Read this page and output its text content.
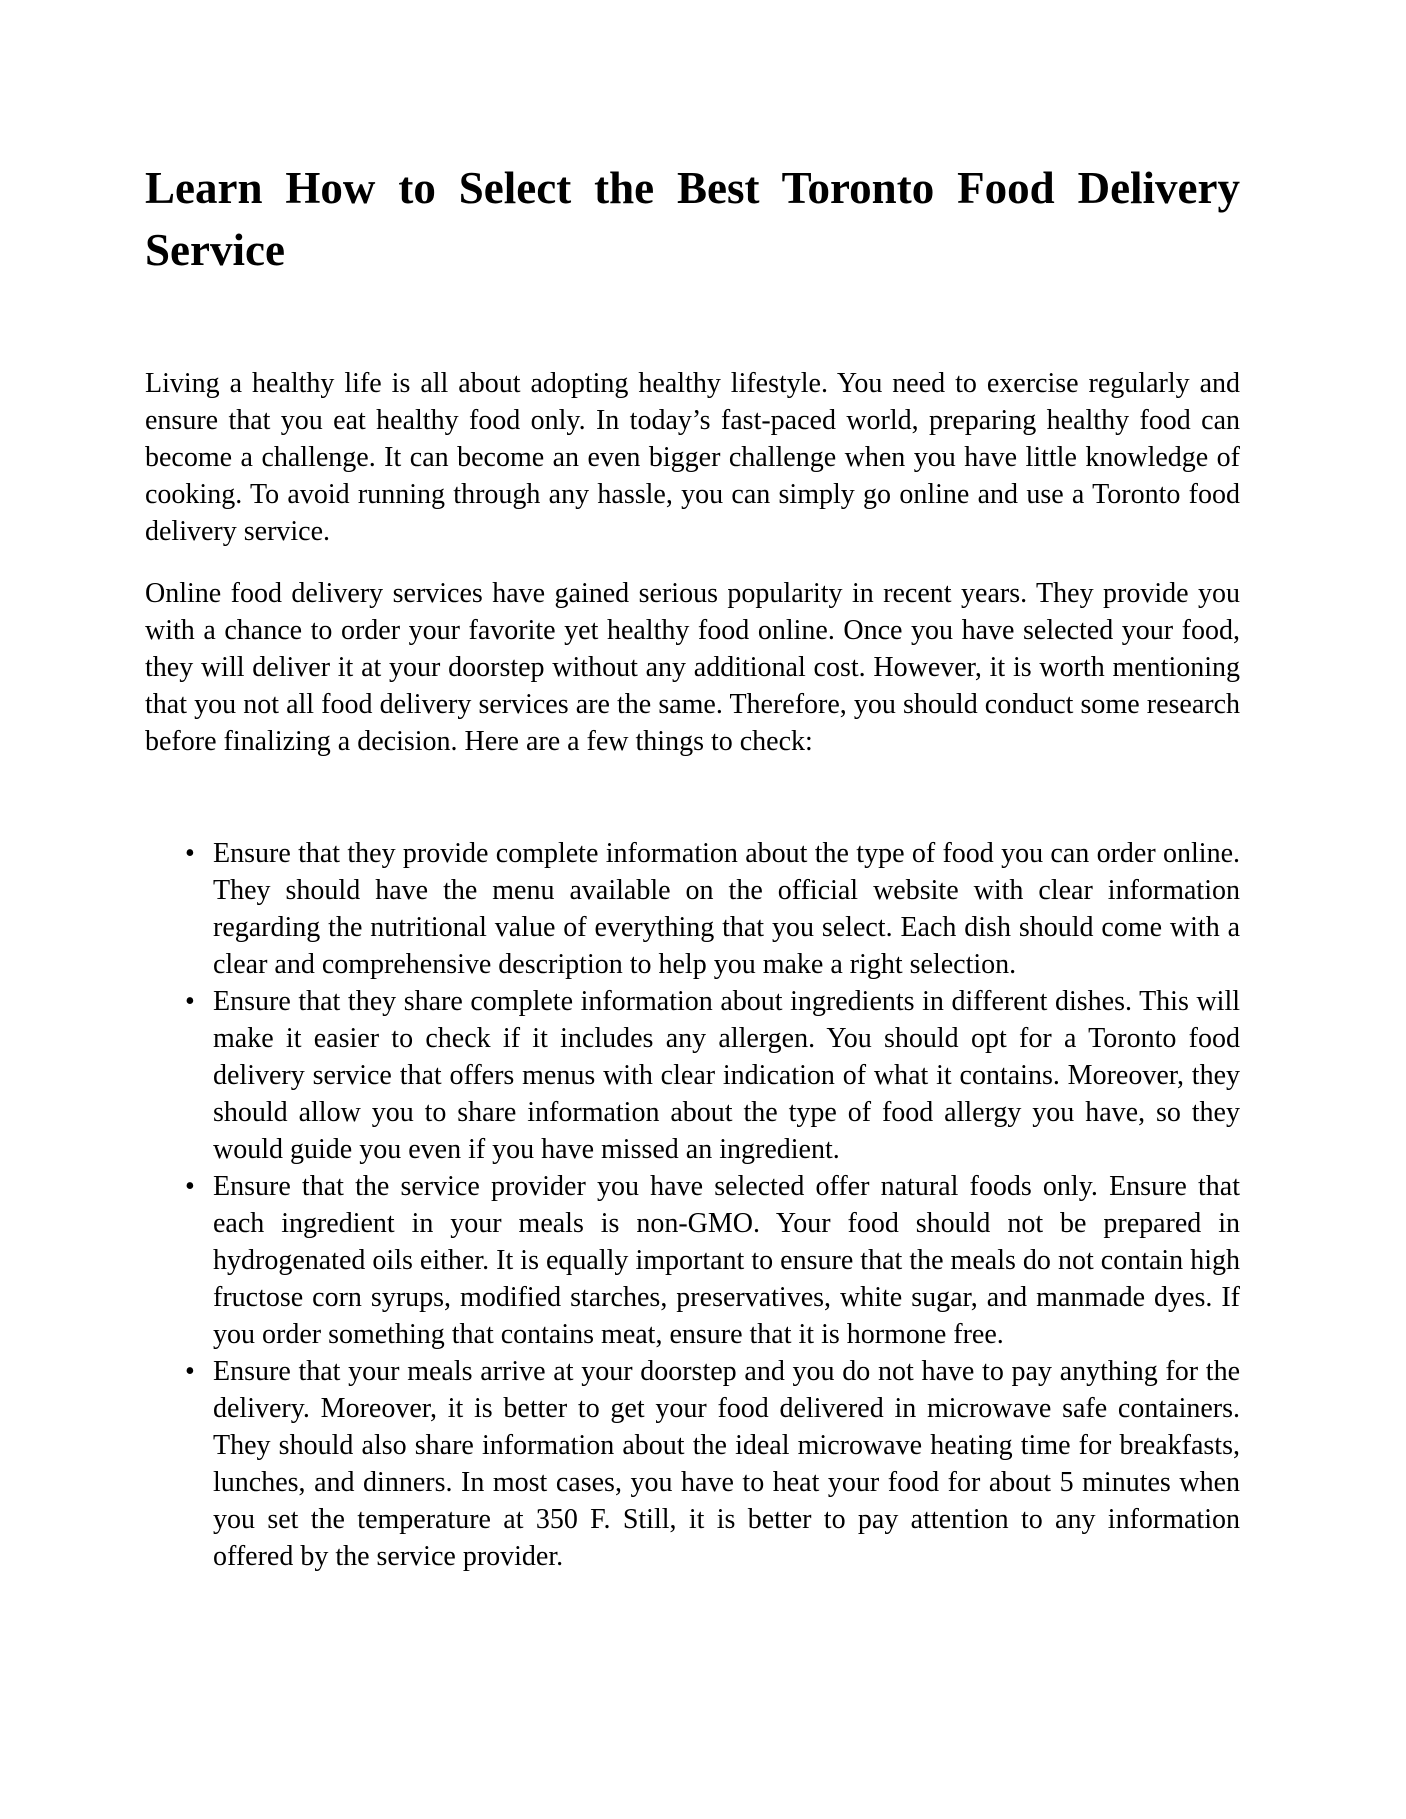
Learn How to Select the Best Toronto Food Delivery
Service

Living a healthy life is all about adopting healthy lifestyle. You need to exercise regularly and ensure that you eat healthy food only. In today’s fast-paced world, preparing healthy food can become a challenge. It can become an even bigger challenge when you have little knowledge of cooking. To avoid running through any hassle, you can simply go online and use a Toronto food delivery service.

Online food delivery services have gained serious popularity in recent years. They provide you with a chance to order your favorite yet healthy food online. Once you have selected your food, they will deliver it at your doorstep without any additional cost. However, it is worth mentioning that you not all food delivery services are the same. Therefore, you should conduct some research before finalizing a decision. Here are a few things to check:

• Ensure that they provide complete information about the type of food you can order online. They should have the menu available on the official website with clear information regarding the nutritional value of everything that you select. Each dish should come with a clear and comprehensive description to help you make a right selection.
• Ensure that they share complete information about ingredients in different dishes. This will make it easier to check if it includes any allergen. You should opt for a Toronto food delivery service that offers menus with clear indication of what it contains. Moreover, they should allow you to share information about the type of food allergy you have, so they would guide you even if you have missed an ingredient.
• Ensure that the service provider you have selected offer natural foods only. Ensure that each ingredient in your meals is non-GMO. Your food should not be prepared in hydrogenated oils either. It is equally important to ensure that the meals do not contain high fructose corn syrups, modified starches, preservatives, white sugar, and manmade dyes. If you order something that contains meat, ensure that it is hormone free.
• Ensure that your meals arrive at your doorstep and you do not have to pay anything for the delivery. Moreover, it is better to get your food delivered in microwave safe containers. They should also share information about the ideal microwave heating time for breakfasts, lunches, and dinners. In most cases, you have to heat your food for about 5 minutes when you set the temperature at 350 F. Still, it is better to pay attention to any information offered by the service provider.
